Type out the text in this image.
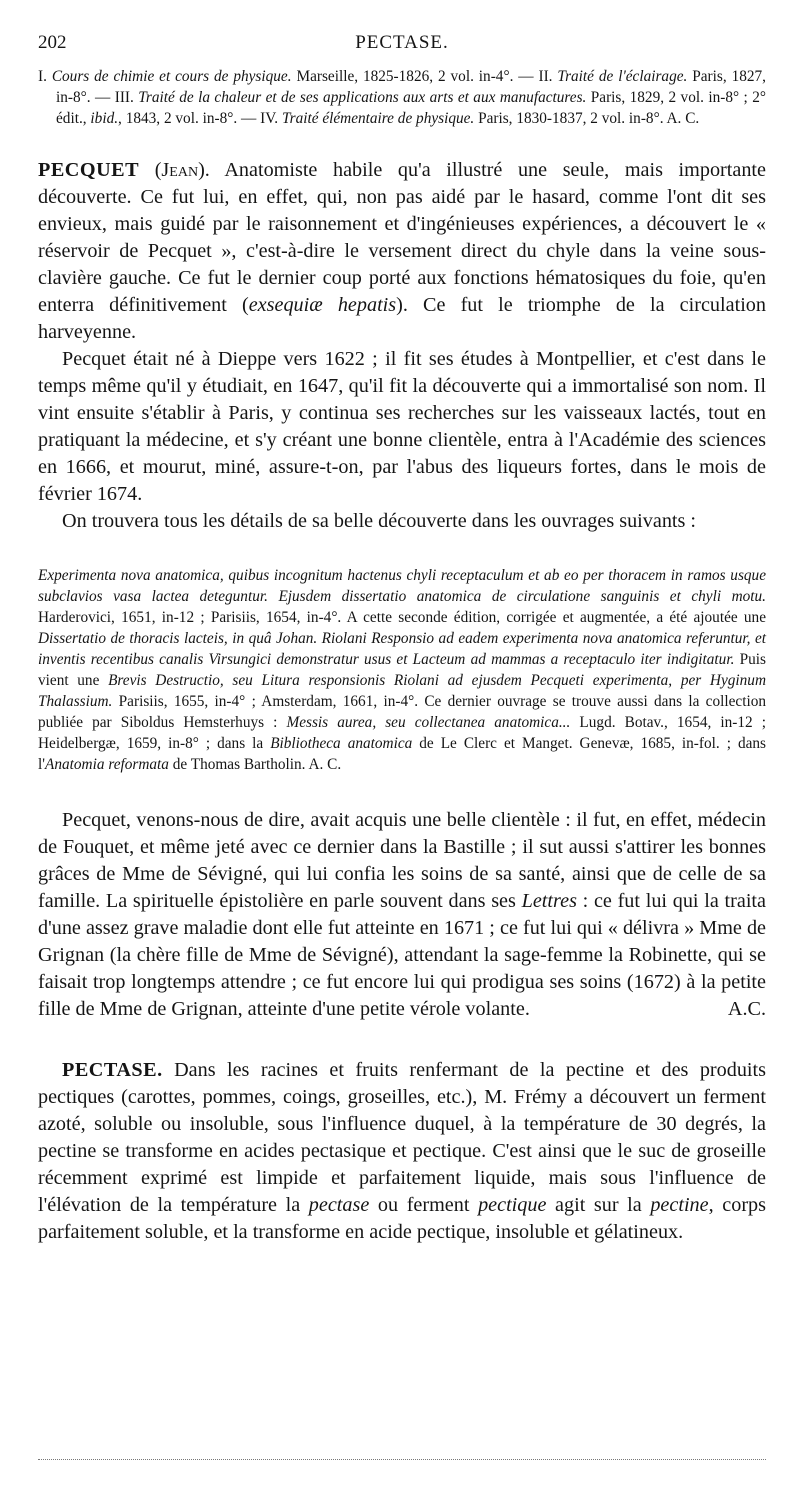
202	PECTASE.

I. Cours de chimie et cours de physique. Marseille, 1825-1826, 2 vol. in-4°. — II. Traité de l'éclairage. Paris, 1827, in-8°. — III. Traité de la chaleur et de ses applications aux arts et aux manufactures. Paris, 1829, 2 vol. in-8° ; 2° édit., ibid., 1843, 2 vol. in-8°. — IV. Traité élémentaire de physique. Paris, 1830-1837, 2 vol. in-8°. A. C.

PECQUET (Jean). Anatomiste habile qu'a illustré une seule, mais importante découverte. Ce fut lui, en effet, qui, non pas aidé par le hasard, comme l'ont dit ses envieux, mais guidé par le raisonnement et d'ingénieuses expériences, a découvert le « réservoir de Pecquet », c'est-à-dire le versement direct du chyle dans la veine sous-clavière gauche. Ce fut le dernier coup porté aux fonctions hématosiques du foie, qu'en enterra définitivement (exsequiæ hepatis). Ce fut le triomphe de la circulation harveyenne.

Pecquet était né à Dieppe vers 1622 ; il fit ses études à Montpellier, et c'est dans le temps même qu'il y étudiait, en 1647, qu'il fit la découverte qui a immortalisé son nom. Il vint ensuite s'établir à Paris, y continua ses recherches sur les vaisseaux lactés, tout en pratiquant la médecine, et s'y créant une bonne clientèle, entra à l'Académie des sciences en 1666, et mourut, miné, assure-t-on, par l'abus des liqueurs fortes, dans le mois de février 1674.

On trouvera tous les détails de sa belle découverte dans les ouvrages suivants :

Experimenta nova anatomica, quibus incognitum hactenus chyli receptaculum et ab eo per thoracem in ramos usque subclavios vasa lactea deteguntur. Ejusdem dissertatio anatomica de circulatione sanguinis et chyli motu. Harderovici, 1651, in-12 ; Parisiis, 1654, in-4°. A cette seconde édition, corrigée et augmentée, a été ajoutée une Dissertatio de thoracis lacteis, in quâ Johan. Riolani Responsio ad eadem experimenta nova anatomica referuntur, et inventis recentibus canalis Virsungici demonstratur usus et Lacteum ad mammas a receptaculo iter indigitatur. Puis vient une Brevis Destructio, seu Litura responsionis Riolani ad ejusdem Pecqueti experimenta, per Hyginum Thalassium. Parisiis, 1655, in-4° ; Amsterdam, 1661, in-4°. Ce dernier ouvrage se trouve aussi dans la collection publiée par Siboldus Hemsterhuys : Messis aurea, seu collectanea anatomica... Lugd. Botav., 1654, in-12 ; Heidelbergæ, 1659, in-8° ; dans la Bibliotheca anatomica de Le Clerc et Manget. Genevæ, 1685, in-fol. ; dans l'Anatomia reformata de Thomas Bartholin. A. C.

Pecquet, venons-nous de dire, avait acquis une belle clientèle : il fut, en effet, médecin de Fouquet, et même jeté avec ce dernier dans la Bastille ; il sut aussi s'attirer les bonnes grâces de Mme de Sévigné, qui lui confia les soins de sa santé, ainsi que de celle de sa famille. La spirituelle épistolière en parle souvent dans ses Lettres : ce fut lui qui la traita d'une assez grave maladie dont elle fut atteinte en 1671 ; ce fut lui qui « délivra » Mme de Grignan (la chère fille de Mme de Sévigné), attendant la sage-femme la Robinette, qui se faisait trop longtemps attendre ; ce fut encore lui qui prodigua ses soins (1672) à la petite fille de Mme de Grignan, atteinte d'une petite vérole volante.	A.C.

PECTASE. Dans les racines et fruits renfermant de la pectine et des produits pectiques (carottes, pommes, coings, groseilles, etc.), M. Frémy a découvert un ferment azoté, soluble ou insoluble, sous l'influence duquel, à la température de 30 degrés, la pectine se transforme en acides pectasique et pectique. C'est ainsi que le suc de groseille récemment exprimé est limpide et parfaitement liquide, mais sous l'influence de l'élévation de la température la pectase ou ferment pectique agit sur la pectine, corps parfaitement soluble, et la transforme en acide pectique, insoluble et gélatineux.
